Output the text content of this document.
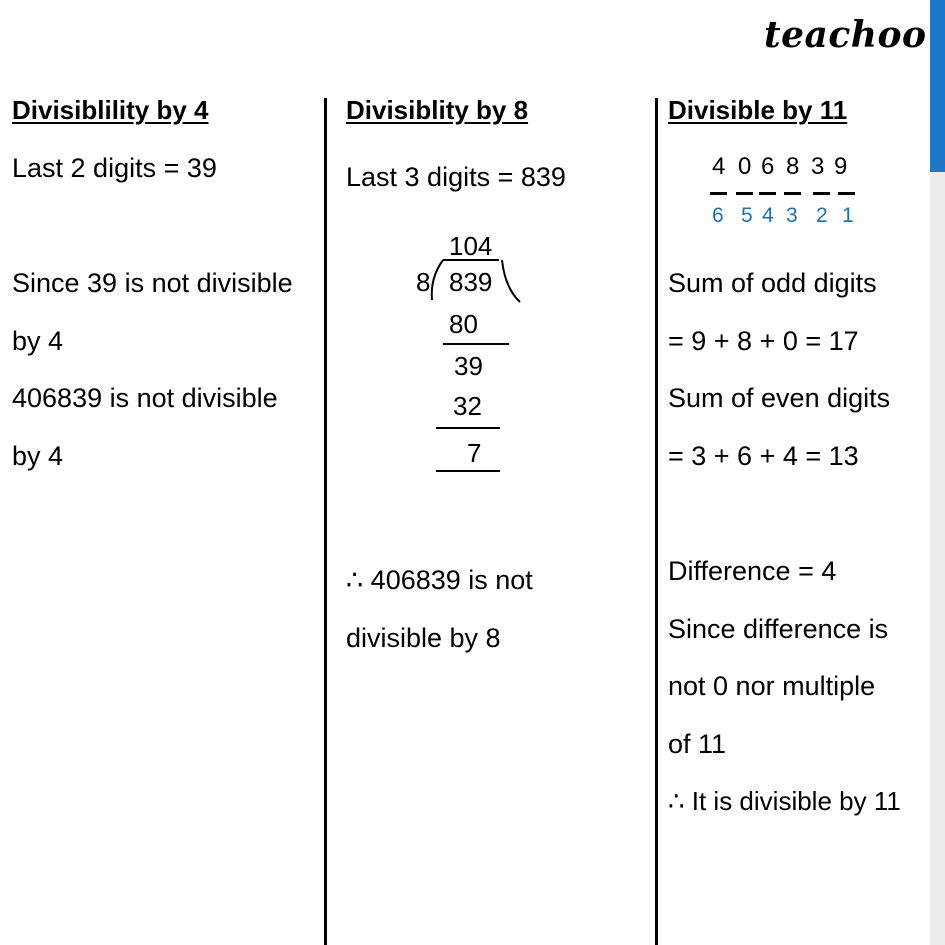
teachoo
Divisiblility by 4
Last 2 digits = 39
Since 39 is not divisible
by 4
406839 is not divisible
by 4
Divisiblity by 8
Last 3 digits = 839
104
8 839
80
39
32
7
∴ 406839 is not
divisible by 8
Divisible by 11
4 0 6 8 3 9
6 5 4 3 2 1
Sum of odd digits
= 9 + 8 + 0 = 17
Sum of even digits
= 3 + 6 + 4 = 13
Difference = 4
Since difference is
not 0 nor multiple
of 11
∴ It is divisible by 11
